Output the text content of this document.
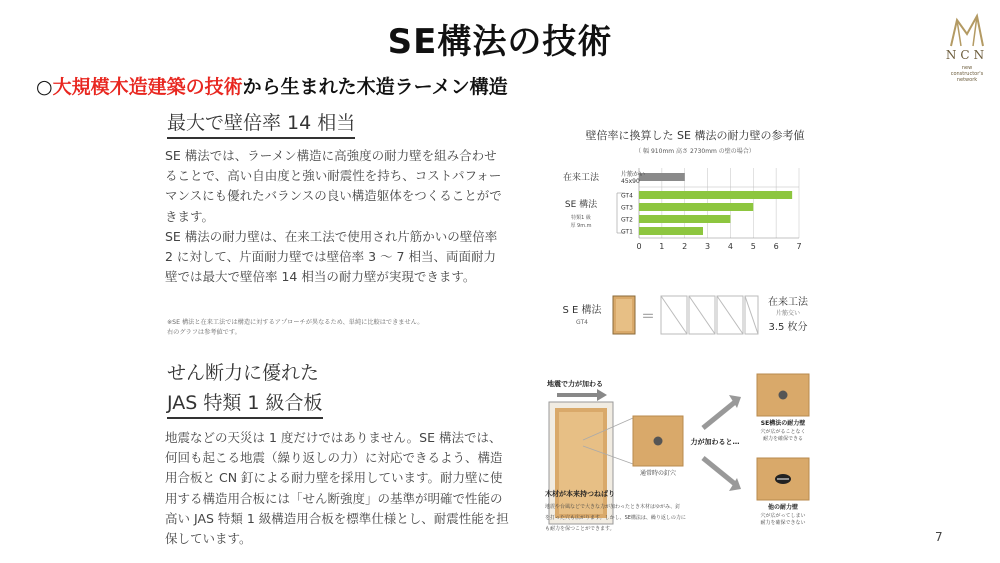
SE構法の技術
○大規模木造建築の技術から生まれた木造ラーメン構造
NCN
new
constructor's
network
最大で壁倍率 14 相当

SE 構法では、ラーメン構造に高強度の耐力壁を組み合わせることで、高い自由度と強い耐震性を持ち、コストパフォーマンスにも優れたバランスの良い構造躯体をつくることができます。

SE 構法の耐力壁は、在来工法で使用され片筋かいの壁倍率 2 に対して、片面耐力壁では壁倍率 3 ～ 7 相当、両面耐力壁では最大で壁倍率 14 相当の耐力壁が実現できます。

※SE 構法と在来工法では構造に対するアプローチが異なるため、単純に比較はできません。
右のグラフは参考値です。
せん断力に優れた
JAS 特類 1 級合板
地震などの天災は 1 度だけではありません。SE 構法では、何回も起こる地震（繰り返しの力）に対応できるよう、構造用合板と CN 釘による耐力壁を採用しています。耐力壁に使用する構造用合板には「せん断強度」の基準が明確で性能の高い JAS 特類 1 級構造用合板を標準仕様とし、耐震性能を担保しています。
壁倍率に換算した SE 構法の耐力壁の参考値
（ 幅 910mm 高さ 2730mm の壁の場合）
0 1 2 3 4 5 6 7
片筋かい
45x90
GT4
GT3
GT2
GT1
在来工法
SE 構法
特類1 級
厚 9m.m
S E 構法
GT4	＝
在来工法
片筋交い
3.5 枚分
地震で力が加わる
通常時の釘穴
力が加わると…
SE構法の耐力壁
穴が広がることなく
耐力を確保できる
他の耐力壁
穴が広がってしまい
耐力を確保できない
木材が本来持つねばり
地震や台風などで大きな力が加わったとき木材はゆがみ、釘
を打った穴も広がります。しかし、SE構法は、繰り返しの力に
も耐力を保つことができます。
7
